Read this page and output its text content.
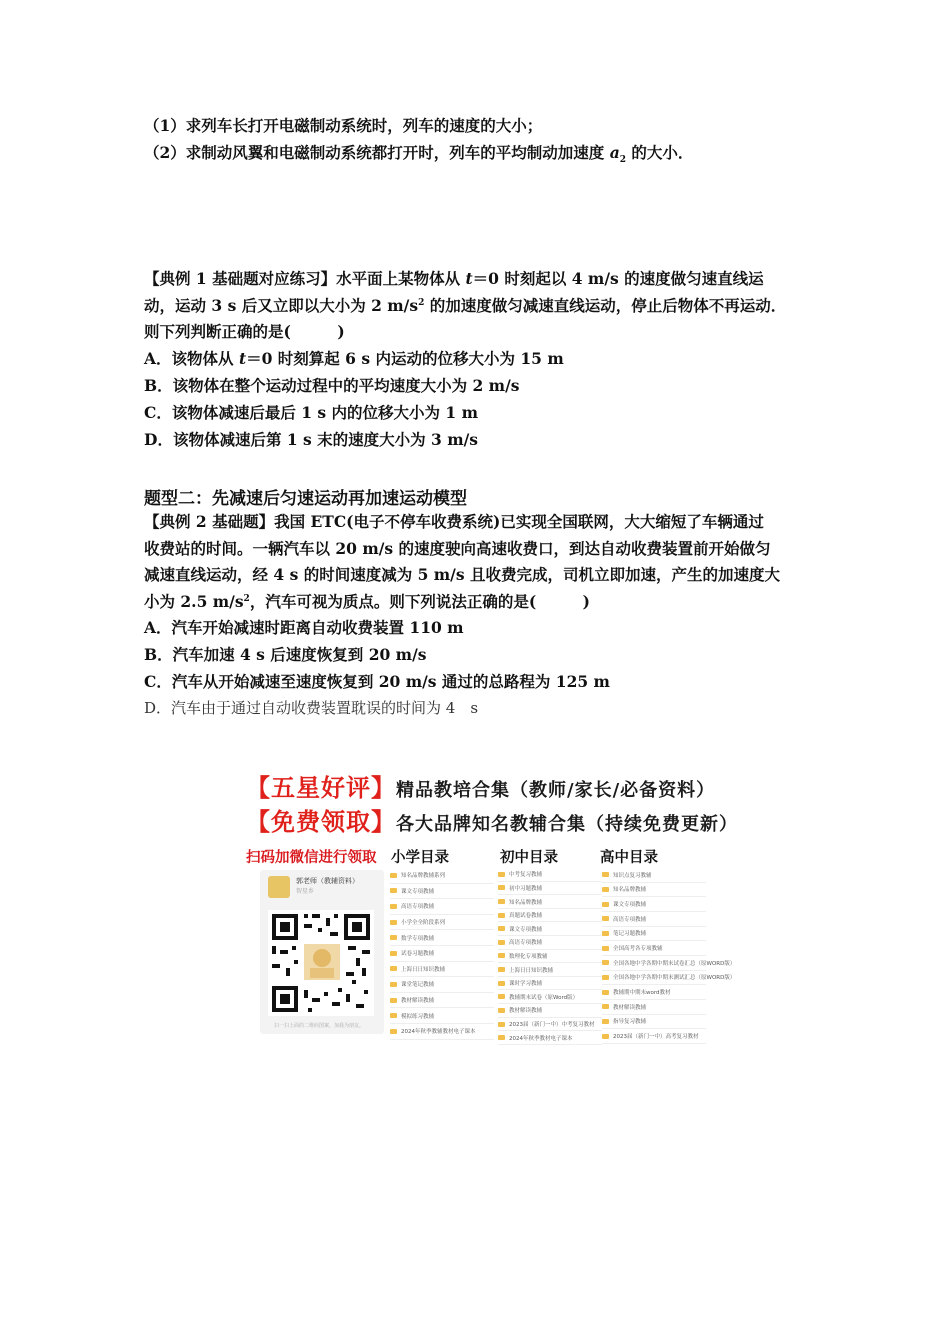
（1）求列车长打开电磁制动系统时，列车的速度的大小；
（2）求制动风翼和电磁制动系统都打开时，列车的平均制动加速度 $a_2$ 的大小．
【典例 1 基础题对应练习】水平面上某物体从 t＝0 时刻起以 4 m/s 的速度做匀速直线运
动，运动 3 s 后又立即以大小为 2 $m/s^2$ 的加速度做匀减速直线运动，停止后物体不再运动．
则下列判断正确的是(　　　)
A．该物体从 t＝0 时刻算起 6 s 内运动的位移大小为 15 m
B．该物体在整个运动过程中的平均速度大小为 2 m/s
C．该物体减速后最后 1 s 内的位移大小为 1 m
D．该物体减速后第 1 s 末的速度大小为 3 m/s
题型二：先减速后匀速运动再加速运动模型
【典例 2 基础题】我国 ETC(电子不停车收费系统)已实现全国联网，大大缩短了车辆通过
收费站的时间。一辆汽车以 20 m/s 的速度驶向高速收费口，到达自动收费装置前开始做匀
减速直线运动，经 4 s 的时间速度减为 5 m/s 且收费完成，司机立即加速，产生的加速度大
小为 2.5 $m/s^2$，汽车可视为质点。则下列说法正确的是(　　　)
A．汽车开始减速时距离自动收费装置 110 m
B．汽车加速 4 s 后速度恢复到 20 m/s
C．汽车从开始减速至速度恢复到 20 m/s 通过的总路程为 125 m
D．汽车由于通过自动收费装置耽误的时间为 4　s
【五星好评】精品教培合集（教师/家长/必备资料）
【免费领取】各大品牌知名教辅合集（持续免费更新）
扫码加微信进行领取 小学目录	初中目录	高中目录
郭老师（教辅资料）
智星乡
扫一扫上面的二维码图案，加我为朋友。
知名品牌教辅系列
课文专项教辅
高语专项教辅
小学全全阶段系列
数学专项教辅
试卷习题教辅
上海日日知识教辅
课堂笔记教辅
教材解读教辅
模拟练习教辅
2024年秋季教辅教材电子课本
中考复习教辅
初中习题教辅
知名品牌教辅
真题试卷教辅
课文专项教辅
高语专项教辅
数理化专项教辅
上海日日知识教辅
课时学习教辅
教辅期末试卷（原Word版）
教材解读教辅
2023届（新门一中）中考复习教材
2024年秋季教材电子课本
知识点复习教辅
知名品牌教辅
课文专项教辅
高语专项教辅
笔记习题教辅
全国高考各专项教辅
全国各地中学各期中期末试卷汇总（原WORD版）
全国各地中学各期中期末测试汇总（原WORD版）
教辅期中期末word教材
教材解读教辅
指导复习教辅
2023届（新门一中）高考复习教材
